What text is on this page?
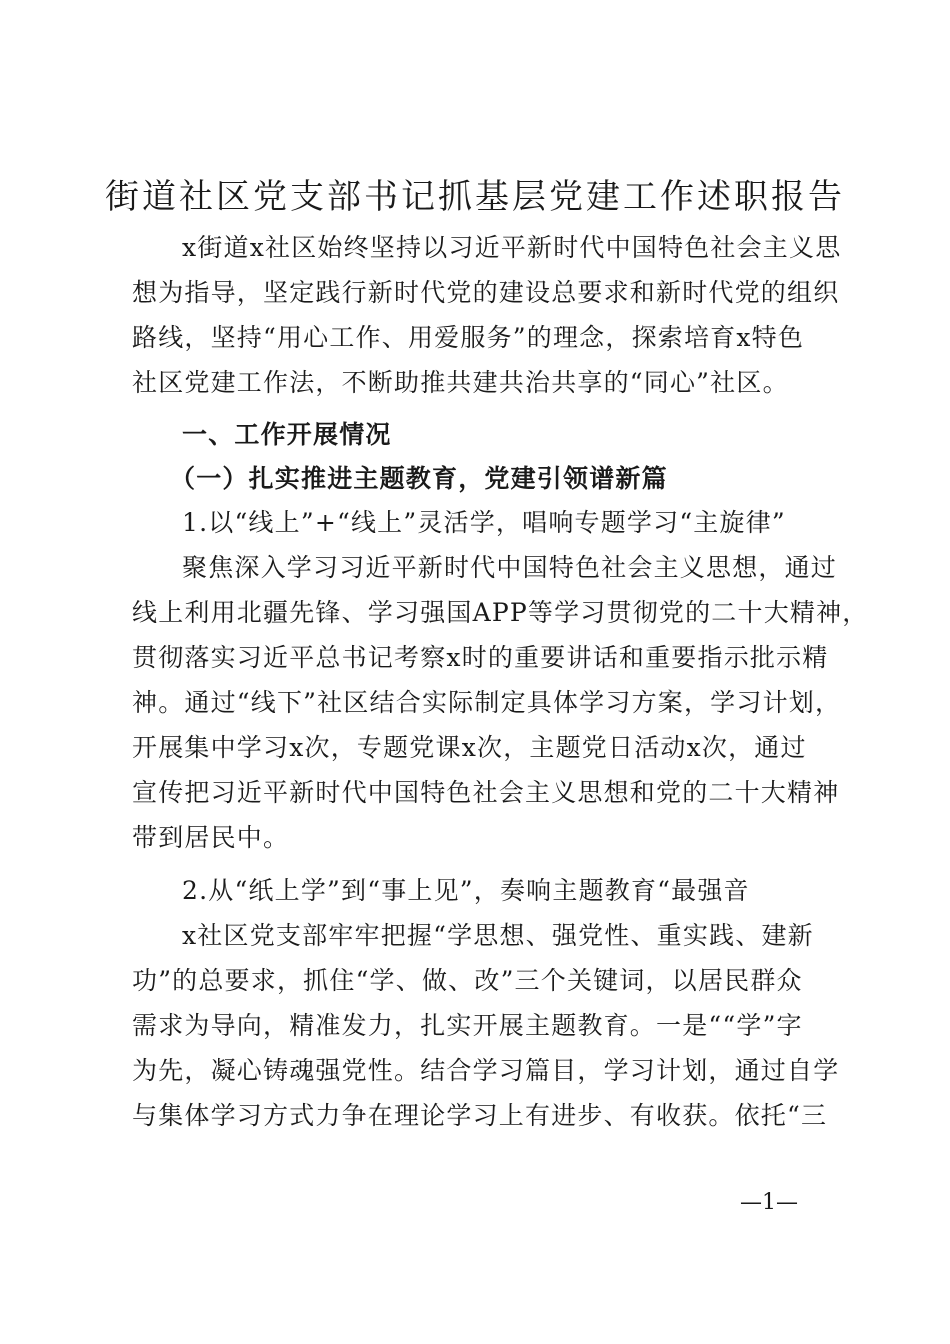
街道社区党支部书记抓基层党建工作述职报告
x街道x社区始终坚持以习近平新时代中国特色社会主义思
想为指导，坚定践行新时代党的建设总要求和新时代党的组织
路线，坚持“用心工作、用爱服务”的理念，探索培育x特色
社区党建工作法，不断助推共建共治共享的“同心”社区。
一、工作开展情况
（一）扎实推进主题教育，党建引领谱新篇
1.以“线上”+“线上”灵活学，唱响专题学习“主旋律”
聚焦深入学习习近平新时代中国特色社会主义思想，通过
线上利用北疆先锋、学习强国APP等学习贯彻党的二十大精神，
贯彻落实习近平总书记考察x时的重要讲话和重要指示批示精
神。通过“线下”社区结合实际制定具体学习方案，学习计划，
开展集中学习x次，专题党课x次，主题党日活动x次，通过
宣传把习近平新时代中国特色社会主义思想和党的二十大精神
带到居民中。
2.从“纸上学”到“事上见”，奏响主题教育“最强音
x社区党支部牢牢把握“学思想、强党性、重实践、建新
功”的总要求，抓住“学、做、改”三个关键词，以居民群众
需求为导向，精准发力，扎实开展主题教育。一是““学”字
为先，凝心铸魂强党性。结合学习篇目，学习计划，通过自学
与集体学习方式力争在理论学习上有进步、有收获。依托“三
—1—
